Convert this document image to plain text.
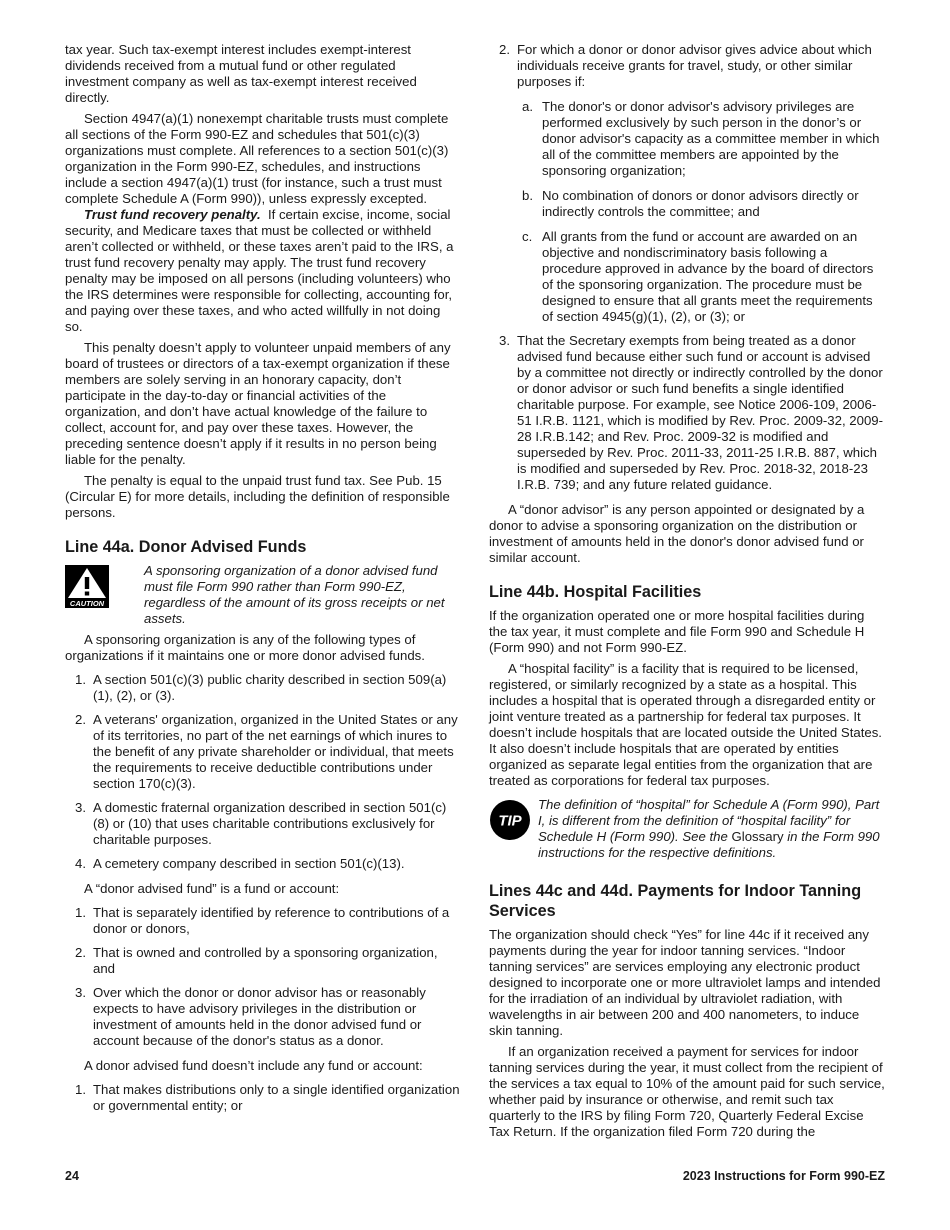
tax year. Such tax-exempt interest includes exempt-interest dividends received from a mutual fund or other regulated investment company as well as tax-exempt interest received directly.

Section 4947(a)(1) nonexempt charitable trusts must complete all sections of the Form 990-EZ and schedules that 501(c)(3) organizations must complete. All references to a section 501(c)(3) organization in the Form 990-EZ, schedules, and instructions include a section 4947(a)(1) trust (for instance, such a trust must complete Schedule A (Form 990)), unless expressly excepted.

Trust fund recovery penalty. If certain excise, income, social security, and Medicare taxes that must be collected or withheld aren’t collected or withheld, or these taxes aren’t paid to the IRS, a trust fund recovery penalty may apply. The trust fund recovery penalty may be imposed on all persons (including volunteers) who the IRS determines were responsible for collecting, accounting for, and paying over these taxes, and who acted willfully in not doing so.

This penalty doesn’t apply to volunteer unpaid members of any board of trustees or directors of a tax-exempt organization if these members are solely serving in an honorary capacity, don’t participate in the day-to-day or financial activities of the organization, and don’t have actual knowledge of the failure to collect, account for, and pay over these taxes. However, the preceding sentence doesn’t apply if it results in no person being liable for the penalty.

The penalty is equal to the unpaid trust fund tax. See Pub. 15 (Circular E) for more details, including the definition of responsible persons.

Line 44a. Donor Advised Funds
CAUTION
A sponsoring organization of a donor advised fund must file Form 990 rather than Form 990-EZ, regardless of the amount of its gross receipts or net assets.

A sponsoring organization is any of the following types of organizations if it maintains one or more donor advised funds.

1. A section 501(c)(3) public charity described in section 509(a)(1), (2), or (3).
2. A veterans' organization, organized in the United States or any of its territories, no part of the net earnings of which inures to the benefit of any private shareholder or individual, that meets the requirements to receive deductible contributions under section 170(c)(3).
3. A domestic fraternal organization described in section 501(c)(8) or (10) that uses charitable contributions exclusively for charitable purposes.
4. A cemetery company described in section 501(c)(13).

A “donor advised fund” is a fund or account:

1. That is separately identified by reference to contributions of a donor or donors,
2. That is owned and controlled by a sponsoring organization, and
3. Over which the donor or donor advisor has or reasonably expects to have advisory privileges in the distribution or investment of amounts held in the donor advised fund or account because of the donor's status as a donor.

A donor advised fund doesn’t include any fund or account:

1. That makes distributions only to a single identified organization or governmental entity; or
2. For which a donor or donor advisor gives advice about which individuals receive grants for travel, study, or other similar purposes if:
a. The donor's or donor advisor's advisory privileges are performed exclusively by such person in the donor’s or donor advisor's capacity as a committee member in which all of the committee members are appointed by the sponsoring organization;
b. No combination of donors or donor advisors directly or indirectly controls the committee; and
c. All grants from the fund or account are awarded on an objective and nondiscriminatory basis following a procedure approved in advance by the board of directors of the sponsoring organization. The procedure must be designed to ensure that all grants meet the requirements of section 4945(g)(1), (2), or (3); or
3. That the Secretary exempts from being treated as a donor advised fund because either such fund or account is advised by a committee not directly or indirectly controlled by the donor or donor advisor or such fund benefits a single identified charitable purpose. For example, see Notice 2006-109, 2006-51 I.R.B. 1121, which is modified by Rev. Proc. 2009-32, 2009-28 I.R.B.142; and Rev. Proc. 2009-32 is modified and superseded by Rev. Proc. 2011-33, 2011-25 I.R.B. 887, which is modified and superseded by Rev. Proc. 2018-32, 2018-23 I.R.B. 739; and any future related guidance.

A “donor advisor” is any person appointed or designated by a donor to advise a sponsoring organization on the distribution or investment of amounts held in the donor's donor advised fund or similar account.

Line 44b. Hospital Facilities

If the organization operated one or more hospital facilities during the tax year, it must complete and file Form 990 and Schedule H (Form 990) and not Form 990-EZ.

A “hospital facility” is a facility that is required to be licensed, registered, or similarly recognized by a state as a hospital. This includes a hospital that is operated through a disregarded entity or joint venture treated as a partnership for federal tax purposes. It doesn’t include hospitals that are located outside the United States. It also doesn’t include hospitals that are operated by entities organized as separate legal entities from the organization that are treated as corporations for federal tax purposes.

TIP
The definition of “hospital” for Schedule A (Form 990), Part I, is different from the definition of “hospital facility” for Schedule H (Form 990). See the Glossary in the Form 990 instructions for the respective definitions.
Lines 44c and 44d. Payments for Indoor Tanning Services

The organization should check “Yes” for line 44c if it received any payments during the year for indoor tanning services. “Indoor tanning services” are services employing any electronic product designed to incorporate one or more ultraviolet lamps and intended for the irradiation of an individual by ultraviolet radiation, with wavelengths in air between 200 and 400 nanometers, to induce skin tanning.

If an organization received a payment for services for indoor tanning services during the year, it must collect from the recipient of the services a tax equal to 10% of the amount paid for such service, whether paid by insurance or otherwise, and remit such tax quarterly to the IRS by filing Form 720, Quarterly Federal Excise Tax Return. If the organization filed Form 720 during the

24	2023 Instructions for Form 990-EZ
